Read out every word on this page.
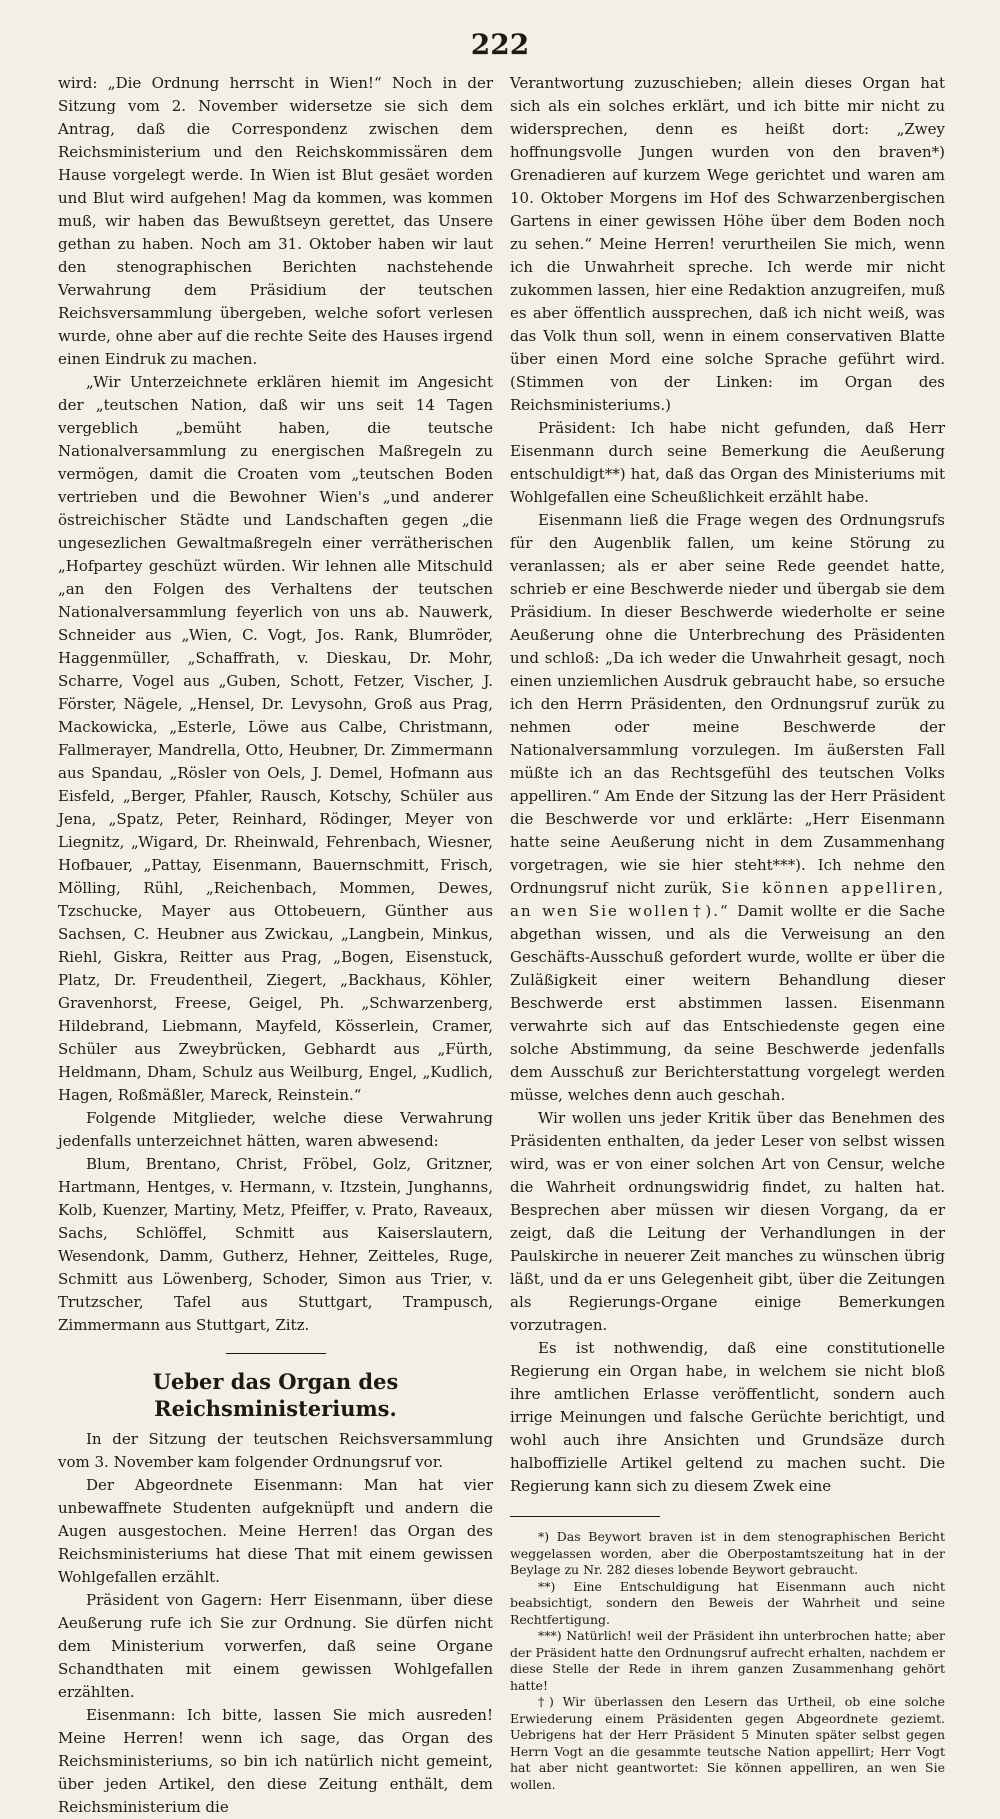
222

wird: „Die Ordnung herrscht in Wien!“ Noch in der Sitzung vom 2. November widersetze sie sich dem Antrag, daß die Correspondenz zwischen dem Reichsministerium und den Reichskommissären dem Hause vorgelegt werde. In Wien ist Blut gesäet worden und Blut wird aufgehen! Mag da kommen, was kommen muß, wir haben das Bewußtseyn gerettet, das Unsere gethan zu haben. Noch am 31. Oktober haben wir laut den stenographischen Berichten nachstehende Verwahrung dem Präsidium der teutschen Reichsversammlung übergeben, welche sofort verlesen wurde, ohne aber auf die rechte Seite des Hauses irgend einen Eindruk zu machen.

„Wir Unterzeichnete erklären hiemit im Angesicht der „teutschen Nation, daß wir uns seit 14 Tagen vergeblich „bemüht haben, die teutsche Nationalversammlung zu energischen Maßregeln zu vermögen, damit die Croaten vom „teutschen Boden vertrieben und die Bewohner Wien's „und anderer östreichischer Städte und Landschaften gegen „die ungesezlichen Gewaltmaßregeln einer verrätherischen „Hofpartey geschüzt würden. Wir lehnen alle Mitschuld „an den Folgen des Verhaltens der teutschen Nationalversammlung feyerlich von uns ab. Nauwerk, Schneider aus „Wien, C. Vogt, Jos. Rank, Blumröder, Haggenmüller, „Schaffrath, v. Dieskau, Dr. Mohr, Scharre, Vogel aus „Guben, Schott, Fetzer, Vischer, J. Förster, Nägele, „Hensel, Dr. Levysohn, Groß aus Prag, Mackowicka, „Esterle, Löwe aus Calbe, Christmann, Fallmerayer, Mandrella, Otto, Heubner, Dr. Zimmermann aus Spandau, „Rösler von Oels, J. Demel, Hofmann aus Eisfeld, „Berger, Pfahler, Rausch, Kotschy, Schüler aus Jena, „Spatz, Peter, Reinhard, Rödinger, Meyer von Liegnitz, „Wigard, Dr. Rheinwald, Fehrenbach, Wiesner, Hofbauer, „Pattay, Eisenmann, Bauernschmitt, Frisch, Mölling, Rühl, „Reichenbach, Mommen, Dewes, Tzschucke, Mayer aus Ottobeuern, Günther aus Sachsen, C. Heubner aus Zwickau, „Langbein, Minkus, Riehl, Giskra, Reitter aus Prag, „Bogen, Eisenstuck, Platz, Dr. Freudentheil, Ziegert, „Backhaus, Köhler, Gravenhorst, Freese, Geigel, Ph. „Schwarzenberg, Hildebrand, Liebmann, Mayfeld, Kösserlein, Cramer, Schüler aus Zweybrücken, Gebhardt aus „Fürth, Heldmann, Dham, Schulz aus Weilburg, Engel, „Kudlich, Hagen, Roßmäßler, Mareck, Reinstein.“

Folgende Mitglieder, welche diese Verwahrung jedenfalls unterzeichnet hätten, waren abwesend:

Blum, Brentano, Christ, Fröbel, Golz, Gritzner, Hartmann, Hentges, v. Hermann, v. Itzstein, Junghanns, Kolb, Kuenzer, Martiny, Metz, Pfeiffer, v. Prato, Raveaux, Sachs, Schlöffel, Schmitt aus Kaiserslautern, Wesendonk, Damm, Gutherz, Hehner, Zeitteles, Ruge, Schmitt aus Löwenberg, Schoder, Simon aus Trier, v. Trutzscher, Tafel aus Stuttgart, Trampusch, Zimmermann aus Stuttgart, Zitz.

Ueber das Organ des Reichsministeriums.

In der Sitzung der teutschen Reichsversammlung vom 3. November kam folgender Ordnungsruf vor.

Der Abgeordnete Eisenmann: Man hat vier unbewaffnete Studenten aufgeknüpft und andern die Augen ausgestochen. Meine Herren! das Organ des Reichsministeriums hat diese That mit einem gewissen Wohlgefallen erzählt.

Präsident von Gagern: Herr Eisenmann, über diese Aeußerung rufe ich Sie zur Ordnung. Sie dürfen nicht dem Ministerium vorwerfen, daß seine Organe Schandthaten mit einem gewissen Wohlgefallen erzählten.

Eisenmann: Ich bitte, lassen Sie mich ausreden! Meine Herren! wenn ich sage, das Organ des Reichsministeriums, so bin ich natürlich nicht gemeint, über jeden Artikel, den diese Zeitung enthält, dem Reichsministerium die

Verantwortung zuzuschieben; allein dieses Organ hat sich als ein solches erklärt, und ich bitte mir nicht zu widersprechen, denn es heißt dort: „Zwey hoffnungsvolle Jungen wurden von den braven*) Grenadieren auf kurzem Wege gerichtet und waren am 10. Oktober Morgens im Hof des Schwarzenbergischen Gartens in einer gewissen Höhe über dem Boden noch zu sehen.“ Meine Herren! verurtheilen Sie mich, wenn ich die Unwahrheit spreche. Ich werde mir nicht zukommen lassen, hier eine Redaktion anzugreifen, muß es aber öffentlich aussprechen, daß ich nicht weiß, was das Volk thun soll, wenn in einem conservativen Blatte über einen Mord eine solche Sprache geführt wird. (Stimmen von der Linken: im Organ des Reichsministeriums.)

Präsident: Ich habe nicht gefunden, daß Herr Eisenmann durch seine Bemerkung die Aeußerung entschuldigt**) hat, daß das Organ des Ministeriums mit Wohlgefallen eine Scheußlichkeit erzählt habe.

Eisenmann ließ die Frage wegen des Ordnungsrufs für den Augenblik fallen, um keine Störung zu veranlassen; als er aber seine Rede geendet hatte, schrieb er eine Beschwerde nieder und übergab sie dem Präsidium. In dieser Beschwerde wiederholte er seine Aeußerung ohne die Unterbrechung des Präsidenten und schloß: „Da ich weder die Unwahrheit gesagt, noch einen unziemlichen Ausdruk gebraucht habe, so ersuche ich den Herrn Präsidenten, den Ordnungsruf zurük zu nehmen oder meine Beschwerde der Nationalversammlung vorzulegen. Im äußersten Fall müßte ich an das Rechtsgefühl des teutschen Volks appelliren.“ Am Ende der Sitzung las der Herr Präsident die Beschwerde vor und erklärte: „Herr Eisenmann hatte seine Aeußerung nicht in dem Zusammenhang vorgetragen, wie sie hier steht***). Ich nehme den Ordnungsruf nicht zurük, Sie können appelliren, an wen Sie wollen†).“ Damit wollte er die Sache abgethan wissen, und als die Verweisung an den Geschäfts-Ausschuß gefordert wurde, wollte er über die Zuläßigkeit einer weitern Behandlung dieser Beschwerde erst abstimmen lassen. Eisenmann verwahrte sich auf das Entschiedenste gegen eine solche Abstimmung, da seine Beschwerde jedenfalls dem Ausschuß zur Berichterstattung vorgelegt werden müsse, welches denn auch geschah.

Wir wollen uns jeder Kritik über das Benehmen des Präsidenten enthalten, da jeder Leser von selbst wissen wird, was er von einer solchen Art von Censur, welche die Wahrheit ordnungswidrig findet, zu halten hat. Besprechen aber müssen wir diesen Vorgang, da er zeigt, daß die Leitung der Verhandlungen in der Paulskirche in neuerer Zeit manches zu wünschen übrig läßt, und da er uns Gelegenheit gibt, über die Zeitungen als Regierungs-Organe einige Bemerkungen vorzutragen.

Es ist nothwendig, daß eine constitutionelle Regierung ein Organ habe, in welchem sie nicht bloß ihre amtlichen Erlasse veröffentlicht, sondern auch irrige Meinungen und falsche Gerüchte berichtigt, und wohl auch ihre Ansichten und Grundsäze durch halboffizielle Artikel geltend zu machen sucht. Die Regierung kann sich zu diesem Zwek eine

*) Das Beywort braven ist in dem stenographischen Bericht weggelassen worden, aber die Oberpostamtszeitung hat in der Beylage zu Nr. 282 dieses lobende Beywort gebraucht.

**) Eine Entschuldigung hat Eisenmann auch nicht beabsichtigt, sondern den Beweis der Wahrheit und seine Rechtfertigung.

***) Natürlich! weil der Präsident ihn unterbrochen hatte; aber der Präsident hatte den Ordnungsruf aufrecht erhalten, nachdem er diese Stelle der Rede in ihrem ganzen Zusammenhang gehört hatte!

†) Wir überlassen den Lesern das Urtheil, ob eine solche Erwiederung einem Präsidenten gegen Abgeordnete geziemt. Uebrigens hat der Herr Präsident 5 Minuten später selbst gegen Herrn Vogt an die gesammte teutsche Nation appellirt; Herr Vogt hat aber nicht geantwortet: Sie können appelliren, an wen Sie wollen.
